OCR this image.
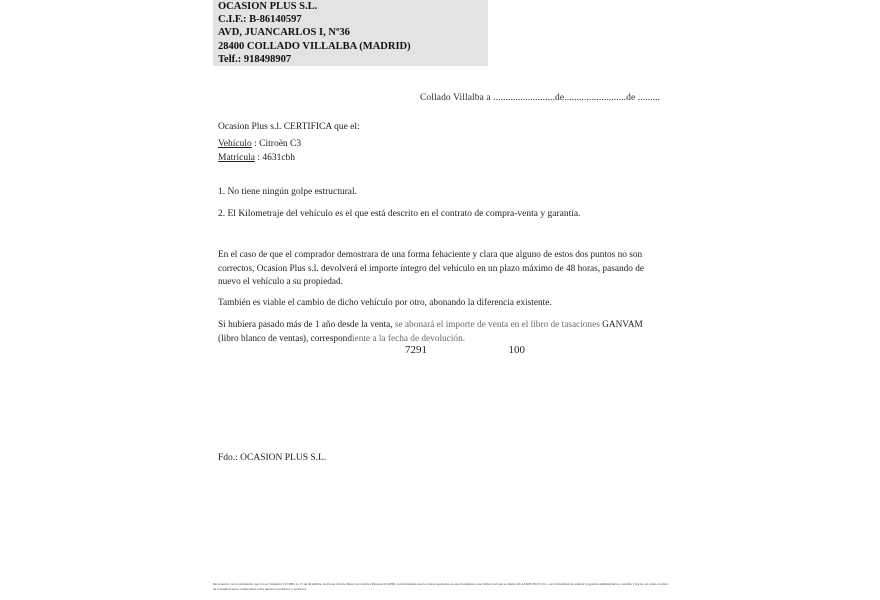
OCASION PLUS S.L.
C.I.F.: B-86140597
AVD, JUANCARLOS I, Nº36
28400 COLLADO VILLALBA (MADRID)
Telf.: 918498907
Collado Villalba a .........................de.........................de .........
Ocasion Plus s.l. CERTIFICA que el:
Vehículo : Citroën C3
Matrícula : 4631cbh
1. No tiene ningún golpe estructural.
2. El Kilometraje del vehículo es el que está descrito en el contrato de compra-venta y garantía.
En el caso de que el comprador demostrara de una forma fehaciente y clara que alguno de estos dos puntos no son correctos, Ocasion Plus s.l. devolverá el importe íntegro del vehículo en un plazo máximo de 48 horas, pasando de nuevo el vehículo a su propiedad.
También es viable el cambio de dicho vehículo por otro, abonando la diferencia existente.
Si hubiera pasado más de 1 año desde la venta, se abonará el importe de venta en el libro de tasaciones GANVAM (libro blanco de ventas), correspondiente a la fecha de devolución.
7291	100
Fdo.: OCASION PLUS S.L.
De acuerdo con lo establecido por la Ley Orgánica 15/1999, de 13 de diciembre, de Protección de Datos de Carácter Personal (LOPD), le informamos que los datos aportados en este documento a un fichero del que es titular OCASION PLUS S.L. con la finalidad de realizar la gestión administrativa, contable y fiscal, así como el envío de comunicaciones comerciales sobre nuestros productos y servicios.
